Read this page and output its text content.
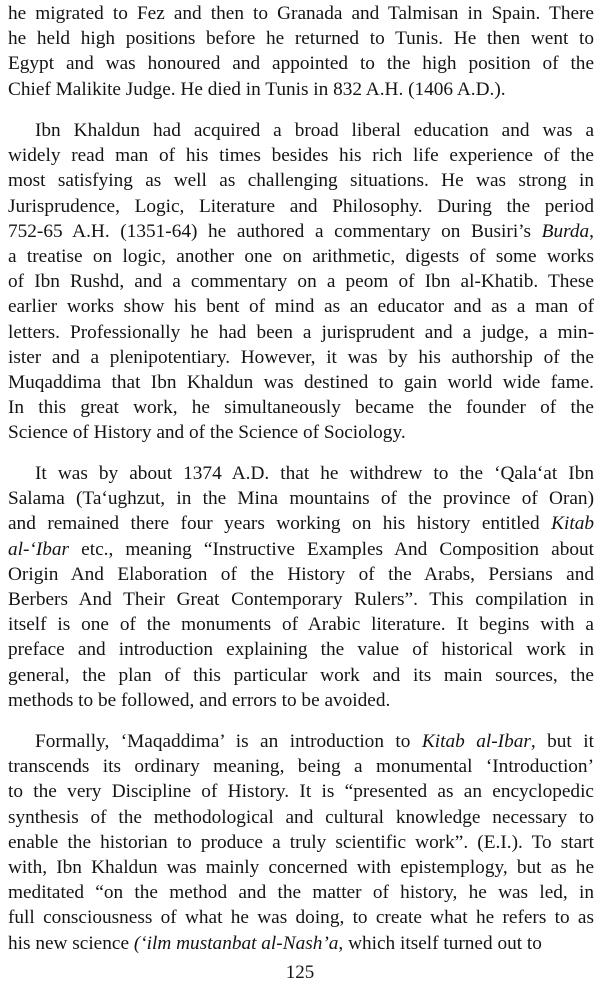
he migrated to Fez and then to Granada and Talmisan in Spain. There
he held high positions before he returned to Tunis. He then went to
Egypt and was honoured and appointed to the high position of the
Chief Malikite Judge. He died in Tunis in 832 A.H. (1406 A.D.).
Ibn Khaldun had acquired a broad liberal education and was a
widely read man of his times besides his rich life experience of the
most satisfying as well as challenging situations. He was strong in
Jurisprudence, Logic, Literature and Philosophy. During the period
752-65 A.H. (1351-64) he authored a commentary on Busiri’s Burda,
a treatise on logic, another one on arithmetic, digests of some works
of Ibn Rushd, and a commentary on a peom of Ibn al-Khatib. These
earlier works show his bent of mind as an educator and as a man of
letters. Professionally he had been a jurisprudent and a judge, a min-
ister and a plenipotentiary. However, it was by his authorship of the
Muqaddima that Ibn Khaldun was destined to gain world wide fame.
In this great work, he simultaneously became the founder of the
Science of History and of the Science of Sociology.
It was by about 1374 A.D. that he withdrew to the ‘Qala‘at Ibn
Salama (Ta‘ughzut, in the Mina mountains of the province of Oran)
and remained there four years working on his history entitled Kitab
al-‘Ibar etc., meaning “Instructive Examples And Composition about
Origin And Elaboration of the History of the Arabs, Persians and
Berbers And Their Great Contemporary Rulers”. This compilation in
itself is one of the monuments of Arabic literature. It begins with a
preface and introduction explaining the value of historical work in
general, the plan of this particular work and its main sources, the
methods to be followed, and errors to be avoided.
Formally, ‘Maqaddima’ is an introduction to Kitab al-Ibar, but it
transcends its ordinary meaning, being a monumental ‘Introduction’
to the very Discipline of History. It is “presented as an encyclopedic
synthesis of the methodological and cultural knowledge necessary to
enable the historian to produce a truly scientific work”. (E.I.). To start
with, Ibn Khaldun was mainly concerned with epistemplogy, but as he
meditated “on the method and the matter of history, he was led, in
full consciousness of what he was doing, to create what he refers to as
his new science (‘ilm mustanbat al-Nash’a, which itself turned out to
125
